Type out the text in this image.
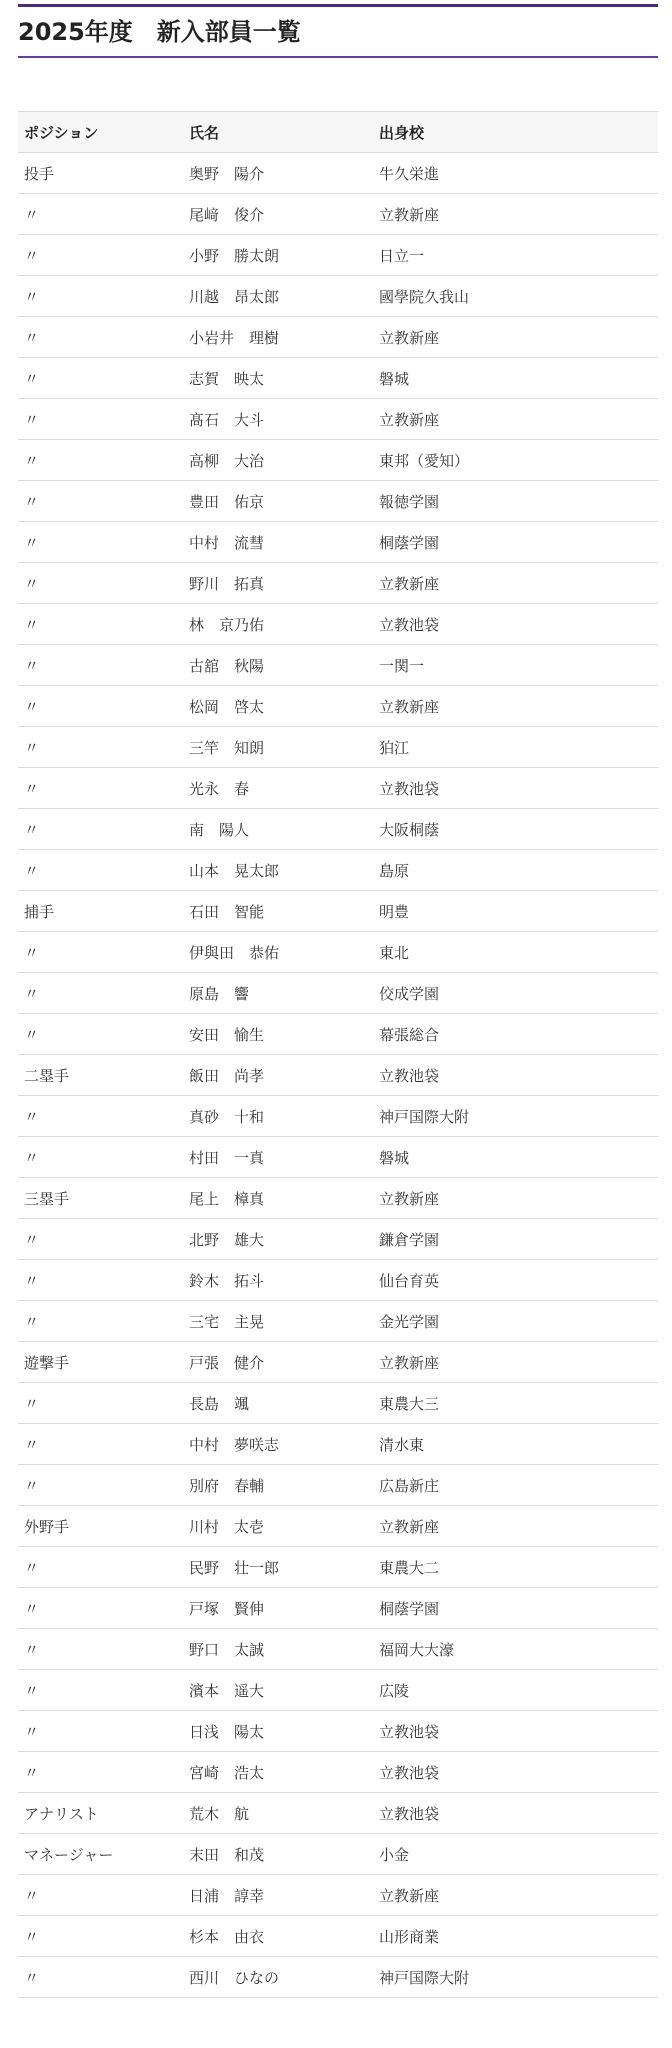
2025年度　新入部員一覧
ポジション	氏名	出身校
投手	奥野　陽介	牛久栄進
〃	尾﨑　俊介	立教新座
〃	小野　勝太朗	日立一
〃	川越　昂太郎	國學院久我山
〃	小岩井　理樹	立教新座
〃	志賀　映太	磐城
〃	髙石　大斗	立教新座
〃	高柳　大治	東邦（愛知）
〃	豊田　佑京	報徳学園
〃	中村　流彗	桐蔭学園
〃	野川　拓真	立教新座
〃	林　京乃佑	立教池袋
〃	古舘　秋陽	一関一
〃	松岡　啓太	立教新座
〃	三竿　知朗	狛江
〃	光永　春	立教池袋
〃	南　陽人	大阪桐蔭
〃	山本　晃太郎	島原
捕手	石田　智能	明豊
〃	伊與田　恭佑	東北
〃	原島　響	佼成学園
〃	安田　愉生	幕張総合
二塁手	飯田　尚孝	立教池袋
〃	真砂　十和	神戸国際大附
〃	村田　一真	磐城
三塁手	尾上　樟真	立教新座
〃	北野　雄大	鎌倉学園
〃	鈴木　拓斗	仙台育英
〃	三宅　主晃	金光学園
遊撃手	戸張　健介	立教新座
〃	長島　颯	東農大三
〃	中村　夢咲志	清水東
〃	別府　春輔	広島新庄
外野手	川村　太壱	立教新座
〃	民野　壮一郎	東農大二
〃	戸塚　賢伸	桐蔭学園
〃	野口　太誠	福岡大大濠
〃	濱本　遥大	広陵
〃	日浅　陽太	立教池袋
〃	宮崎　浩太	立教池袋
アナリスト	荒木　航	立教池袋
マネージャー	末田　和茂	小金
〃	日浦　諄幸	立教新座
〃	杉本　由衣	山形商業
〃	西川　ひなの	神戸国際大附
